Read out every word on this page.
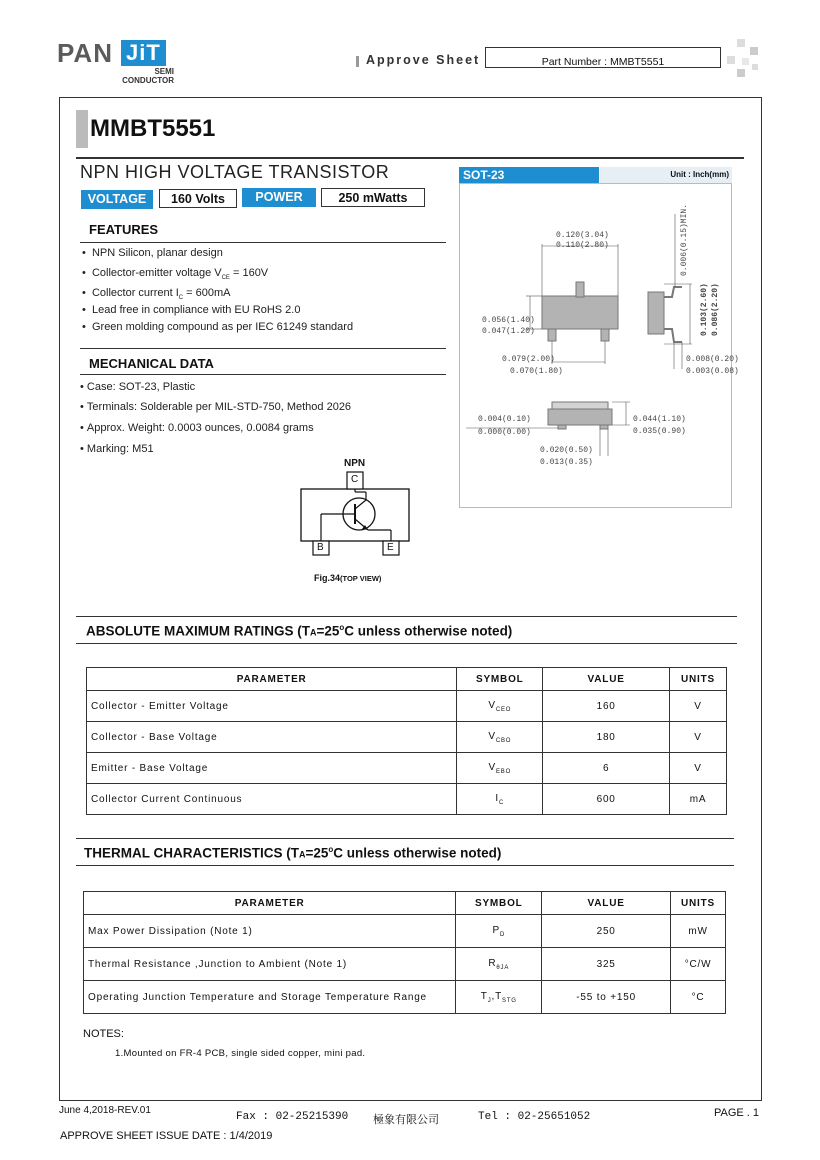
PAN JiT
SEMI
CONDUCTOR
Approve Sheet	Part Number : MMBT5551
MMBT5551
NPN HIGH VOLTAGE TRANSISTOR
VOLTAGE	160 Volts	POWER	250 mWatts
FEATURES
•  NPN Silicon, planar design
•  Collector-emitter voltage $V_{CE} = 160V$
•  Collector current $I_C = 600mA$
•  Lead free in compliance with EU RoHS 2.0
•  Green molding compound as per IEC 61249 standard
MECHANICAL DATA
• Case: SOT-23, Plastic
• Terminals: Solderable per MIL-STD-750, Method 2026
• Approx. Weight: 0.0003 ounces, 0.0084 grams
• Marking: M51
NPN
C
B	E
Fig.34(TOP VIEW)
SOT-23	Unit : Inch(mm)
0.120(3.04)
0.110(2.80)	0.006(0.15)MIN.
0.056(1.40)
0.047(1.20)	0.103(2.60) 0.086(2.20)
0.079(2.00)
0.070(1.80)
0.008(0.20)
0.003(0.08)
0.004(0.10)
0.000(0.00)
0.044(1.10)
0.035(0.90)
0.020(0.50)
0.013(0.35)
ABSOLUTE MAXIMUM RATINGS ($TA=25^oC$ unless otherwise noted)
PARAMETER	SYMBOL	VALUE	UNITS
Collector - Emitter Voltage	$V_{CEO}$	160	V
Collector - Base Voltage	$V_{CBO}$	180	V
Emitter - Base Voltage	$V_{EBO}$	6	V
Collector Current Continuous	$I_C$	600	mA
THERMAL CHARACTERISTICS ($TA=25^oC$ unless otherwise noted)
PARAMETER	SYMBOL	VALUE	UNITS
Max Power Dissipation (Note 1)	$P_D$	250	mW
Thermal Resistance ,Junction to Ambient (Note 1)	$R_{\theta JA}$	325	°C/W
Operating Junction Temperature and Storage Temperature Range	$T_J,T_{STG}$	-55 to +150	°C
NOTES:
1.Mounted on FR-4 PCB, single sided copper, mini pad.
June 4,2018-REV.01
Fax : 02-25215390 極象有限公司	Tel : 02-25651052	PAGE . 1
APPROVE SHEET ISSUE DATE : 1/4/2019
